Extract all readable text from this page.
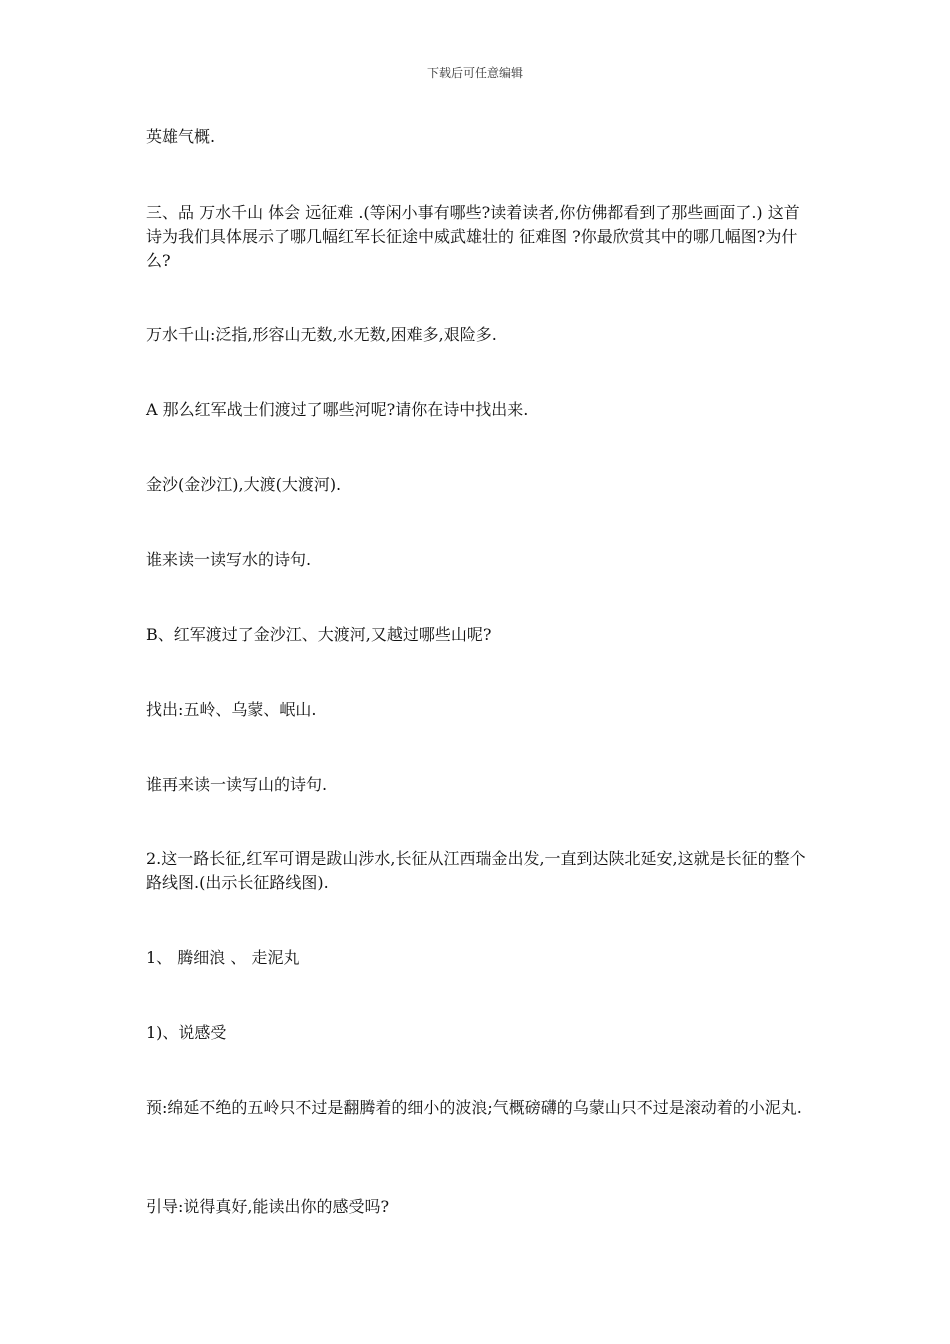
下载后可任意编辑

英雄气概.

三、品 万水千山 体会 远征难 .(等闲小事有哪些?读着读者,你仿佛都看到了那些画面了.) 这首诗为我们具体展示了哪几幅红军长征途中威武雄壮的 征难图 ?你最欣赏其中的哪几幅图?为什么?

万水千山:泛指,形容山无数,水无数,困难多,艰险多.

A 那么红军战士们渡过了哪些河呢?请你在诗中找出来.

金沙(金沙江),大渡(大渡河).

谁来读一读写水的诗句.

B、红军渡过了金沙江、大渡河,又越过哪些山呢?

找出:五岭、乌蒙、岷山.

谁再来读一读写山的诗句.

2.这一路长征,红军可谓是跋山涉水,长征从江西瑞金出发,一直到达陕北延安,这就是长征的整个路线图.(出示长征路线图).

1、 腾细浪 、 走泥丸

1)、说感受

预:绵延不绝的五岭只不过是翻腾着的细小的波浪;气概磅礴的乌蒙山只不过是滚动着的小泥丸.

引导:说得真好,能读出你的感受吗?
